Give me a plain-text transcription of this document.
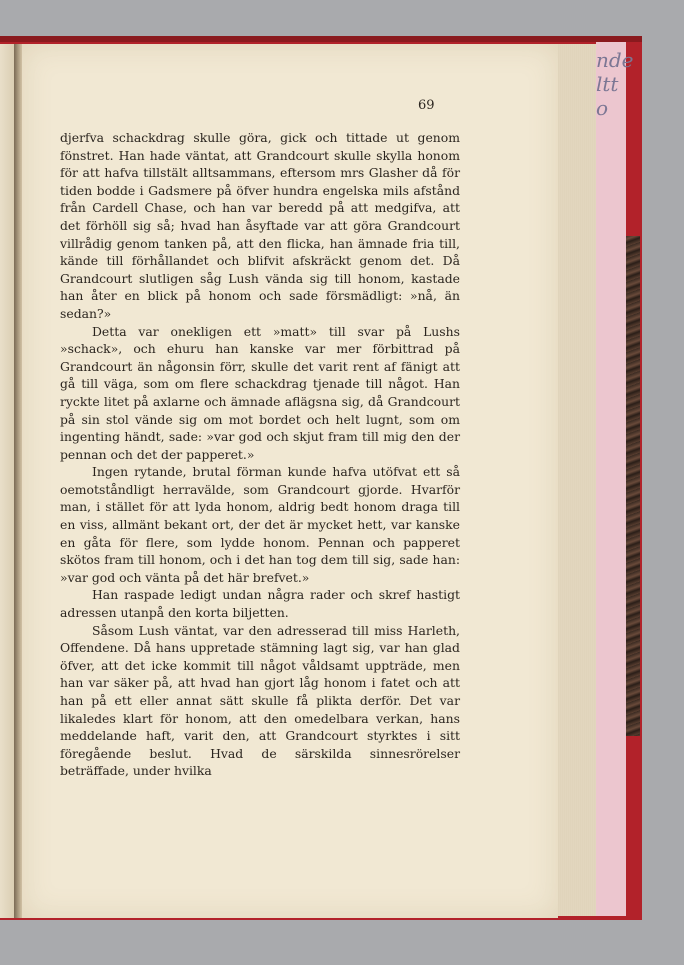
nde
ltt
o
69

djerfva schackdrag skulle göra, gick och tittade ut genom fönstret. Han hade väntat, att Grandcourt skulle skylla honom för att hafva tillstält alltsammans, eftersom mrs Glasher då för tiden bodde i Gadsmere på öfver hundra engelska mils afstånd från Cardell Chase, och han var beredd på att medgifva, att det förhöll sig så; hvad han åsyftade var att göra Grandcourt villrådig genom tanken på, att den flicka, han ämnade fria till, kände till förhållandet och blifvit afskräckt genom det. Då Grandcourt slutligen såg Lush vända sig till honom, kastade han åter en blick på honom och sade försmädligt: »nå, än sedan?»

Detta var onekligen ett »matt» till svar på Lushs »schack», och ehuru han kanske var mer förbittrad på Grandcourt än någonsin förr, skulle det varit rent af fänigt att gå till väga, som om flere schackdrag tjenade till något. Han ryckte litet på axlarne och ämnade aflägsna sig, då Grandcourt på sin stol vände sig om mot bordet och helt lugnt, som om ingenting händt, sade: »var god och skjut fram till mig den der pennan och det der papperet.»

Ingen rytande, brutal förman kunde hafva utöfvat ett så oemotståndligt herravälde, som Grandcourt gjorde. Hvarför man, i stället för att lyda honom, aldrig bedt honom draga till en viss, allmänt bekant ort, der det är mycket hett, var kanske en gåta för flere, som lydde honom. Pennan och papperet skötos fram till honom, och i det han tog dem till sig, sade han: »var god och vänta på det här brefvet.»

Han raspade ledigt undan några rader och skref hastigt adressen utanpå den korta biljetten.

Såsom Lush väntat, var den adresserad till miss Harleth, Offendene. Då hans uppretade stämning lagt sig, var han glad öfver, att det icke kommit till något våldsamt uppträde, men han var säker på, att hvad han gjort låg honom i fatet och att han på ett eller annat sätt skulle få plikta derför. Det var likaledes klart för honom, att den omedelbara verkan, hans meddelande haft, varit den, att Grandcourt styrktes i sitt föregående beslut. Hvad de särskilda sinnesrörelser beträffade, under hvilka
